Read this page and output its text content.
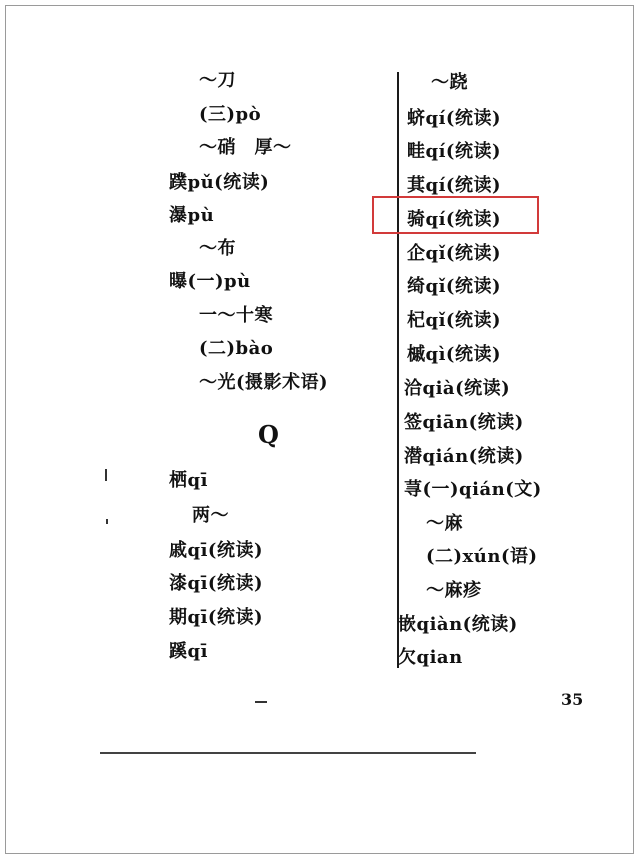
～刀
(三)pò
～硝　厚～
蹼pǔ(统读)
瀑pù
～布
曝(一)pù
一～十寒
(二)bào
～光(摄影术语)
Q
栖qī
两～
戚qī(统读)
漆qī(统读)
期qī(统读)
蹊qī
～跷
蛴qí(统读)
畦qí(统读)
萁qí(统读)
骑qí(统读)
企qǐ(统读)
绮qǐ(统读)
杞qǐ(统读)
槭qì(统读)
洽qià(统读)
签qiān(统读)
潜qián(统读)
荨(一)qián(文)
～麻
(二)xún(语)
～麻疹
嵌qiàn(统读)
欠qian
35
